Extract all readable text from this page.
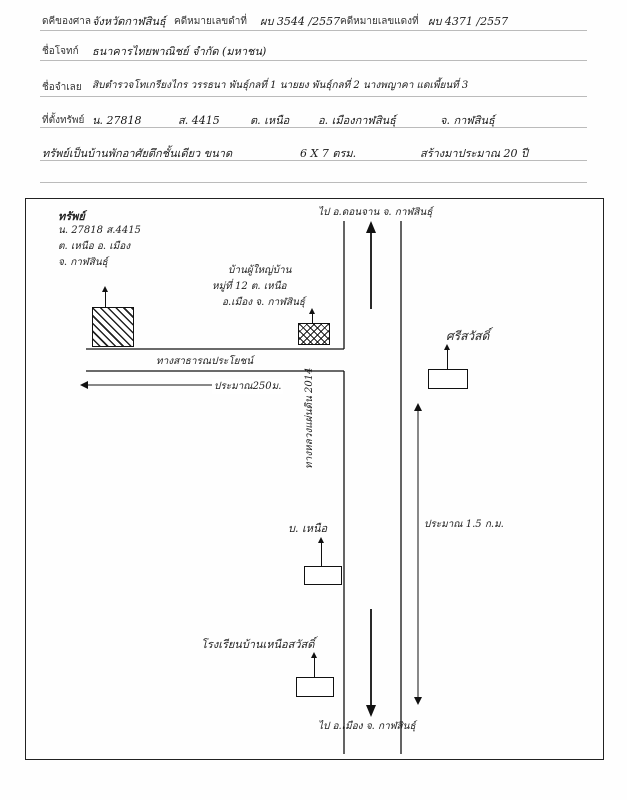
ดคีของศาล จังหวัดกาฬสินธุ์ คดีหมายเลขดำที่ ผบ 3544 /2557 คดีหมายเลขแดงที่ ผบ 4371 /2557
ชื่อโจทก์ ธนาคารไทยพาณิชย์ จำกัด (มหาชน)
ชื่อจำเลย สิบตำรวจโทเกรียงไกร วรรธนา พันธุ์กลที่ 1 นายยง พันธุ์กลที่ 2 นางพญาคา แดเพี้ยนที่ 3
ที่ตั้งทรัพย์ น. 27818	ส. 4415	ต. เหนือ	อ. เมืองกาฬสินธุ์	จ. กาฬสินธุ์
ทรัพย์เป็นบ้านพักอาศัยตึกชั้นเดียว ขนาด	6 X 7 ตรม.	สร้างมาประมาณ 20 ปี
ทรัพย์
น. 27818 ส.4415
ต. เหนือ อ. เมือง
จ. กาฬสินธุ์
ไป อ.ดอนจาน จ. กาฬสินธุ์
บ้านผู้ใหญ่บ้าน
หมู่ที่ 12 ต. เหนือ
อ.เมือง จ. กาฬสินธุ์
ทางสาธารณประโยชน์
ประมาณ250ม.
ศรีสวัสดิ์
ทางหลวงแผ่นดิน 2014
ประมาณ 1.5 ก.ม.
บ. เหนือ
โรงเรียนบ้านเหนือสวัสดิ์
ไป อ.เมือง จ. กาฬสินธุ์
